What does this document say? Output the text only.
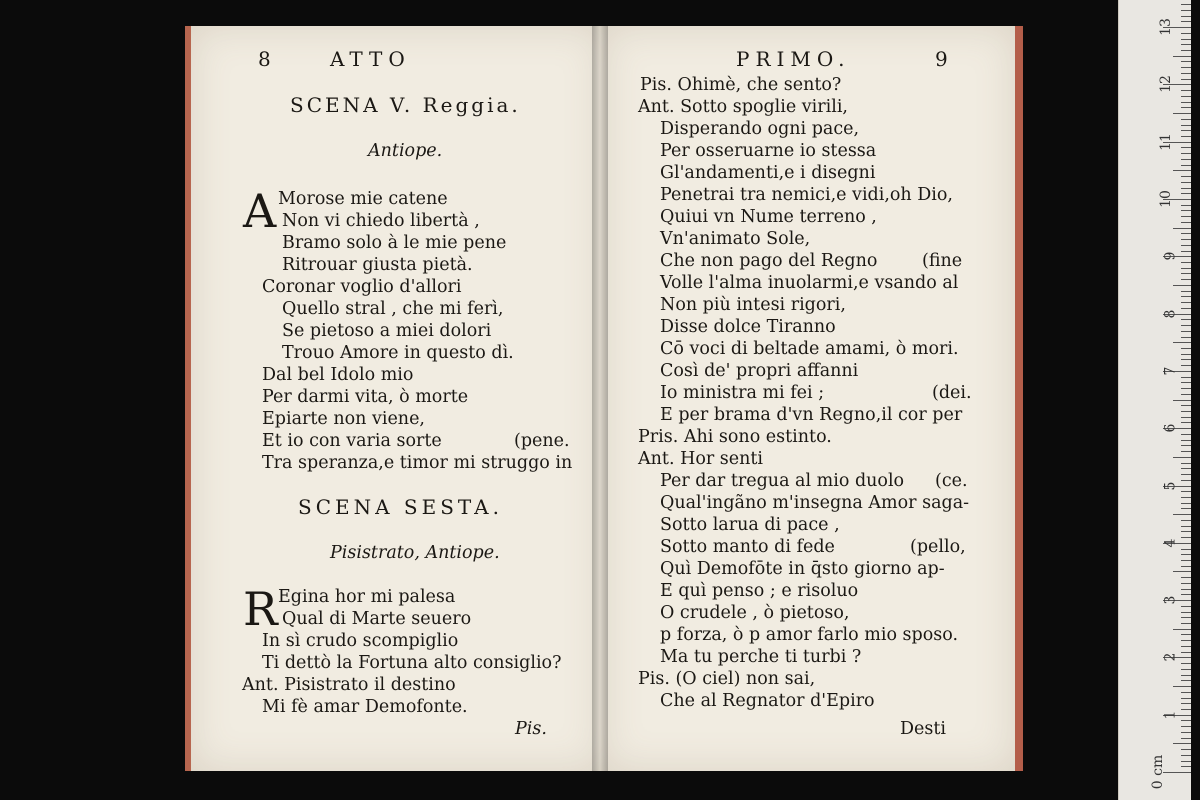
8	ATTO
SCENA V. Reggia.
Antiope.
A Morose mie catene
Non vi chiedo libertà ,
Bramo solo à le mie pene
Ritrouar giusta pietà.
Coronar voglio d'allori
Quello stral , che mi ferì,
Se pietoso a miei dolori
Trouo Amore in questo dì.
Dal bel Idolo mio
Per darmi vita, ò morte
Epiarte non viene,
Et io con varia sorte	(pene.
Tra speranza,e timor mi struggo in
SCENA SESTA.
Pisistrato, Antiope.
R Egina hor mi palesa
Qual di Marte seuero
In sì crudo scompiglio
Ti dettò la Fortuna alto consiglio?
Ant. Pisistrato il destino
Mi fè amar Demofonte.
Pis.
PRIMO.	9
Pis. Ohimè, che sento?
Ant. Sotto spoglie virili,
Disperando ogni pace,
Per osseruarne io stessa
Gl'andamenti,e i disegni
Penetrai tra nemici,e vidi,oh Dio,
Quiui vn Nume terreno ,
Vn'animato Sole,
Che non pago del Regno	(fine
Volle l'alma inuolarmi,e vsando al
Non più intesi rigori,
Disse dolce Tiranno
Cō voci di beltade amami, ò mori.
Così de' propri affanni
Io ministra mi fei ;	(dei.
E per brama d'vn Regno,il cor per
Pris. Ahi sono estinto.
Ant. Hor senti
Per dar tregua al mio duolo (ce.
Qual'ingãno m'insegna Amor saga-
Sotto larua di pace ,
Sotto manto di fede	(pello,
Quì Demofōte in q̄sto giorno ap-
E quì penso ; e risoluo
O crudele , ò pietoso,
p forza, ò p amor farlo mio sposo.
Ma tu perche ti turbi ?
Pis. (O ciel) non sai,
Che al Regnator d'Epiro
Desti
0 cm
1
2
3
4
5
6
7
8
9
10
11
12
13
